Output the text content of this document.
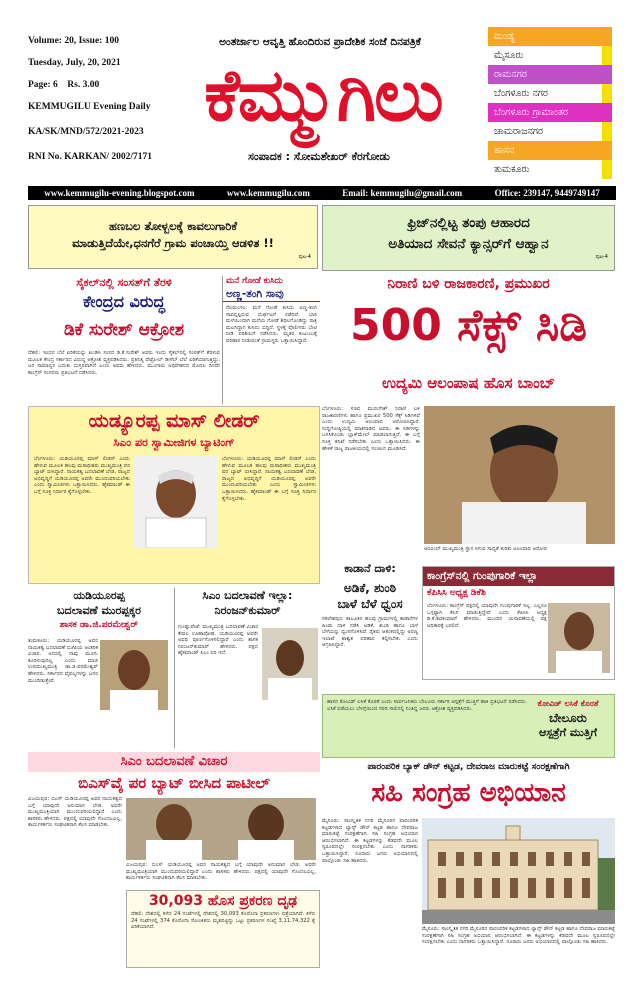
Volume: 20, Issue: 100
Tuesday, July, 20, 2021
Page: 6    Rs. 3.00
KEMMUGILU Evening Daily
KA/SK/MND/572/2021-2023
RNI No. KARKAN/ 2002/7171
ಅಂತರ್ಜಾಲ ಆವೃತ್ತಿ ಹೊಂದಿರುವ ಪ್ರಾದೇಶಿಕ ಸಂಜೆ ದಿನಪತ್ರಿಕೆ
ಕೆಮ್ಮುಗಿಲು
ಸಂಪಾದಕ : ಸೋಮಶೇಖರ್ ಕೆರಗೋಡು
ಮಂಡ್ಯ
ಮೈಸೂರು
ರಾಮನಗರ
ಬೆಂಗಳೂರು ನಗರ
ಬೆಂಗಳೂರು ಗ್ರಾಮಾಂತರ
ಚಾಮರಾಜನಗರ
ಹಾಸನ
ತುಮಕೂರು
www.kemmugilu-evening.blogspot.com	www.kemmugilu.com	Email: kemmugilu@gmail.com	Office: 239147, 9449749147
ಹಣಬಲ ತೋಳ್ಬಲಕ್ಕೆ ಕಾವಲುಗಾರಿಕೆ
ಮಾಡುತ್ತಿದೆಯೇ,ಧನಗೆರೆ ಗ್ರಾಮ ಪಂಚಾಯ್ತಿ ಆಡಳಿತ !!
ಪುಟ-4
ಫ್ರಿಜ್‌ನಲ್ಲಿಟ್ಟ ತಂಪು ಆಹಾರದ
ಅತಿಯಾದ ಸೇವನೆ ಕ್ಯಾನ್ಸರ್‌ಗೆ ಆಹ್ವಾನ
ಪುಟ-4
ಸೈಕಲ್‌ನಲ್ಲಿ ಸಂಸತ್‌ಗೆ ತೆರಳಿ
ಕೇಂದ್ರದ ವಿರುದ್ಧ
ಡಿಕೆ ಸುರೇಶ್ ಆಕ್ರೋಶ
ದೆಹಲಿ: ಇಂಧನ ಬೆಲೆ ಏರಿಕೆಯನ್ನು ಖಂಡಿಸಿ ಸಂಸದ ಡಿ.ಕೆ.ಸುರೇಶ್ ಅವರು ಇಂದು ಸೈಕಲ್‌ನಲ್ಲಿ ಸಂಸತ್‌ಗೆ ತೆರಳುವ ಮೂಲಕ ಕೇಂದ್ರ ಸರ್ಕಾರದ ವಿರುದ್ಧ ಆಕ್ರೋಶ ವ್ಯಕ್ತಪಡಿಸಿದರು. ಪ್ರತಿನಿತ್ಯ ಪೆಟ್ರೋಲ್ ಡೀಸೆಲ್ ಬೆಲೆ ಏರಿಕೆಯಾಗುತ್ತಿದ್ದು, ಜನ ಸಾಮಾನ್ಯರ ಬದುಕು ದುಸ್ತರವಾಗಿದೆ ಎಂದು ಅವರು ಹೇಳಿದರು. ಮುಂಗಾರು ಅಧಿವೇಶನದ ಮೊದಲ ದಿನವೇ ಕಾಂಗ್ರೆಸ್ ಸಂಸದರು ಪ್ರತಿಭಟನೆ ನಡೆಸಿದರು.
ಮನೆ ಗೋಡೆ ಕುಸಿದು
ಅಣ್ಣ-ತಂಗಿ ಸಾವು
ನೆಲಮಂಗಲ: ಮನೆ ಗೋಡೆ ಕುಸಿದು ಅಣ್ಣ-ತಂಗಿ ಸಾವನ್ನಪ್ಪಿರುವ ದುರ್ಘಟನೆ ನಡೆದಿದೆ. ಭಾರಿ ಮಳೆಯಿಂದಾಗಿ ಮನೆಯ ಗೋಡೆ ಶಿಥಿಲಗೊಂಡಿದ್ದು ರಾತ್ರಿ ಮಲಗಿದ್ದಾಗ ಕುಸಿದು ಬಿದ್ದಿದೆ. ಸ್ಥಳಕ್ಕೆ ಪೊಲೀಸರು ಭೇಟಿ ನೀಡಿ ಪರಿಶೀಲನೆ ನಡೆಸಿದರು. ಮೃತರ ಕುಟುಂಬಕ್ಕೆ ಪರಿಹಾರ ನೀಡುವಂತೆ ಗ್ರಾಮಸ್ಥರು ಒತ್ತಾಯಿಸಿದ್ದಾರೆ.
ನಿರಾಣಿ ಬಳಿ ರಾಜಕಾರಣಿ, ಪ್ರಮುಖರ
500 ಸೆಕ್ಸ್ ಸಿಡಿ
ಉದ್ಯಮಿ ಆಲಂಪಾಷ ಹೊಸ ಬಾಂಬ್
ಬೆಂಗಳೂರು: ಸಚಿವ ಮುರುಗೇಶ್ ನಿರಾಣಿ ಬಳಿ ರಾಜಕಾರಣಿಗಳು ಹಾಗೂ ಪ್ರಮುಖರ 500 ಸೆಕ್ಸ್ ಸಿಡಿಗಳಿವೆ ಎಂದು ಉದ್ಯಮಿ ಆಲಂಪಾಷ ಆರೋಪಿಸಿದ್ದಾರೆ. ಸುದ್ದಿಗೋಷ್ಠಿಯಲ್ಲಿ ಮಾತನಾಡಿದ ಅವರು, ಈ ಸಿಡಿಗಳನ್ನು ಬಳಸಿಕೊಂಡು ಬ್ಲಾಕ್‌ಮೇಲ್ ಮಾಡಲಾಗುತ್ತಿದೆ. ಈ ಬಗ್ಗೆ ಸೂಕ್ತ ತನಿಖೆ ನಡೆಸಬೇಕು ಎಂದು ಒತ್ತಾಯಿಸಿದರು. ಈ ಹೇಳಿಕೆ ರಾಜ್ಯ ರಾಜಕೀಯದಲ್ಲಿ ಸಂಚಲನ ಮೂಡಿಸಿದೆ.
ಅರವಿಂದ್ ಮುಖ್ಯಮಂತ್ರಿ ಸ್ಥಾನ ಸಿಗುವ ಸಾಧ್ಯತೆ ಕುರಿತು ಅಲಂಪಾಷ ಆರೋಪ
ಯಡ್ಯೂರಪ್ಪ ಮಾಸ್ ಲೀಡರ್
ಸಿಎಂ ಪರ ಸ್ವಾಮೀಜಿಗಳ ಬ್ಯಾಟಿಂಗ್
ಬೆಂಗಳೂರು: ಯಡಿಯೂರಪ್ಪ ಮಾಸ್ ಲೀಡರ್ ಎಂದು ಹೇಳುವ ಮೂಲಕ ಹಲವು ಮಠಾಧೀಶರು ಮುಖ್ಯಮಂತ್ರಿ ಪರ ಬ್ಯಾಟ್ ಬೀಸಿದ್ದಾರೆ. ನಾಯಕತ್ವ ಬದಲಾವಣೆ ಬೇಡ, ರಾಜ್ಯದ ಅಭಿವೃದ್ಧಿಗೆ ಯಡಿಯೂರಪ್ಪ ಅವರೇ ಮುಂದುವರಿಯಬೇಕು ಎಂದು ಸ್ವಾಮೀಜಿಗಳು ಒತ್ತಾಯಿಸಿದರು. ಹೈಕಮಾಂಡ್ ಈ ಬಗ್ಗೆ ಸೂಕ್ತ ನಿರ್ಧಾರ ಕೈಗೊಳ್ಳಬೇಕು.
ಬೆಂಗಳೂರು: ಯಡಿಯೂರಪ್ಪ ಮಾಸ್ ಲೀಡರ್ ಎಂದು ಹೇಳುವ ಮೂಲಕ ಹಲವು ಮಠಾಧೀಶರು ಮುಖ್ಯಮಂತ್ರಿ ಪರ ಬ್ಯಾಟ್ ಬೀಸಿದ್ದಾರೆ. ನಾಯಕತ್ವ ಬದಲಾವಣೆ ಬೇಡ, ರಾಜ್ಯದ ಅಭಿವೃದ್ಧಿಗೆ ಯಡಿಯೂರಪ್ಪ ಅವರೇ ಮುಂದುವರಿಯಬೇಕು ಎಂದು ಸ್ವಾಮೀಜಿಗಳು ಒತ್ತಾಯಿಸಿದರು. ಹೈಕಮಾಂಡ್ ಈ ಬಗ್ಗೆ ಸೂಕ್ತ ನಿರ್ಧಾರ ಕೈಗೊಳ್ಳಬೇಕು.
ಯಡಿಯೂರಪ್ಪ
ಬದಲಾವಣೆ ಮುರಪ್ಪಕ್ಕರ
ಶಾಸಕ ಡಾ.ಜಿ.ಪರಮೇಶ್ವರ್
ತುಮಕೂರು: ಯಡಿಯೂರಪ್ಪ ಅವರ ನಾಯಕತ್ವ ಬದಲಾವಣೆ ಬಿಜೆಪಿಯ ಆಂತರಿಕ ವಿಚಾರ. ಅದರಲ್ಲಿ ನಾವು ಮೂಗು ತೂರಿಸುವುದಿಲ್ಲ ಎಂದು ಮಾಜಿ ಉಪಮುಖ್ಯಮಂತ್ರಿ ಡಾ.ಜಿ.ಪರಮೇಶ್ವರ್ ಹೇಳಿದರು. ಸರ್ಕಾರದ ವೈಫಲ್ಯಗಳನ್ನು ಜನರ ಮುಂದಿಡುತ್ತೇವೆ.
ಸಿಎಂ ಬದಲಾವಣೆ ಇಲ್ಲಾ:
ನಿರಂಜನ್‌ಕುಮಾರ್
ಗುಂಡ್ಲುಪೇಟೆ: ಮುಖ್ಯಮಂತ್ರಿ ಬದಲಾವಣೆ ವಿಚಾರ ಕೇವಲ ಊಹಾಪೋಹ. ಯಡಿಯೂರಪ್ಪ ಅವರೇ ಅವಧಿ ಪೂರ್ಣಗೊಳಿಸಲಿದ್ದಾರೆ ಎಂದು ಶಾಸಕ ನಿರಂಜನ್‌ಕುಮಾರ್ ಹೇಳಿದರು. ಪಕ್ಷದ ಹೈಕಮಾಂಡ್ ಸಿಎಂ ಪರ ಇದೆ.
ಕಾಡಾನೆ ದಾಳಿ:
ಅಡಿಕೆ, ಶುಂಠಿ
ಬಾಳೆ ಬೆಳೆ ಧ್ವಂಸ
ಸಕಲೇಶಪುರ: ತಾಲೂಕಿನ ಹಲವು ಗ್ರಾಮಗಳಲ್ಲಿ ಕಾಡಾನೆಗಳ ಹಿಂಡು ದಾಳಿ ನಡೆಸಿ ಅಡಿಕೆ, ಶುಂಠಿ ಹಾಗೂ ಬಾಳೆ ಬೆಳೆಯನ್ನು ಧ್ವಂಸಗೊಳಿಸಿವೆ. ರೈತರು ಆತಂಕದಲ್ಲಿದ್ದು ಅರಣ್ಯ ಇಲಾಖೆ ಶಾಶ್ವತ ಪರಿಹಾರ ಕಲ್ಪಿಸಬೇಕು ಎಂದು ಆಗ್ರಹಿಸಿದ್ದಾರೆ.
ಕಾಂಗ್ರೆಸ್‌ನಲ್ಲಿ ಗುಂಪುಗಾರಿಕೆ ಇಲ್ಲಾ
ಕೆಪಿಸಿಸಿ ಅಧ್ಯಕ್ಷ ಡಿಕೆಶಿ
ಬೆಂಗಳೂರು: ಕಾಂಗ್ರೆಸ್ ಪಕ್ಷದಲ್ಲಿ ಯಾವುದೇ ಗುಂಪುಗಾರಿಕೆ ಇಲ್ಲ. ಎಲ್ಲರೂ ಒಗ್ಗಟ್ಟಾಗಿ ಕೆಲಸ ಮಾಡುತ್ತಿದ್ದೇವೆ ಎಂದು ಕೆಪಿಸಿಸಿ ಅಧ್ಯಕ್ಷ ಡಿ.ಕೆ.ಶಿವಕುಮಾರ್ ಹೇಳಿದರು. ಮುಂದಿನ ಚುನಾವಣೆಯಲ್ಲಿ ಪಕ್ಷ ಅಧಿಕಾರಕ್ಕೆ ಬರಲಿದೆ.
ಹಾಸನ ಕೋವಿಡ್ ಲಸಿಕೆ ಕೊರತೆ ಎಂದು ಸಾರ್ವಜನಿಕರು ಬೇಲೂರು ಸರ್ಕಾರಿ ಆಸ್ಪತ್ರೆಗೆ ಮುತ್ತಿಗೆ ಹಾಕಿ ಪ್ರತಿಭಟನೆ ನಡೆಸಿದರು. ಲಸಿಕೆ ಪಡೆಯಲು ಬೆಳಗ್ಗೆಯಿಂದ ಸರದಿ ಸಾಲಿನಲ್ಲಿ ನಿಂತಿದ್ದ ಜನರು ಆಕ್ರೋಶ ವ್ಯಕ್ತಪಡಿಸಿದರು.
ಕೋವಿಡ್ ಲಸಿಕೆ ಕೊರತೆ
ಬೇಲೂರು
ಆಸ್ಪತ್ರೆಗೆ ಮುತ್ತಿಗೆ
ಸಿಎಂ ಬದಲಾವಣೆ ವಿಚಾರ
ಬಿಎಸ್‌ವೈ ಪರ ಬ್ಯಾಟ್ ಬೀಸಿದ ಪಾಟೀಲ್
ವಿಜಯಪುರ: ಬಿಎಸ್ ಯಡಿಯೂರಪ್ಪ ಅವರ ನಾಯಕತ್ವದ ಬಗ್ಗೆ ಯಾವುದೇ ಅನುಮಾನ ಬೇಡ. ಅವರೇ ಮುಖ್ಯಮಂತ್ರಿಯಾಗಿ ಮುಂದುವರಿಯಲಿದ್ದಾರೆ ಎಂದು ಶಾಸಕರು ಹೇಳಿದರು. ಪಕ್ಷದಲ್ಲಿ ಯಾವುದೇ ಗೊಂದಲವಿಲ್ಲ, ಕಾರ್ಯಕರ್ತರು ಸಂಘಟಿತರಾಗಿ ಕೆಲಸ ಮಾಡಬೇಕು.
ವಿಜಯಪುರ: ಬಿಎಸ್ ಯಡಿಯೂರಪ್ಪ ಅವರ ನಾಯಕತ್ವದ ಬಗ್ಗೆ ಯಾವುದೇ ಅನುಮಾನ ಬೇಡ. ಅವರೇ ಮುಖ್ಯಮಂತ್ರಿಯಾಗಿ ಮುಂದುವರಿಯಲಿದ್ದಾರೆ ಎಂದು ಶಾಸಕರು ಹೇಳಿದರು. ಪಕ್ಷದಲ್ಲಿ ಯಾವುದೇ ಗೊಂದಲವಿಲ್ಲ, ಕಾರ್ಯಕರ್ತರು ಸಂಘಟಿತರಾಗಿ ಕೆಲಸ ಮಾಡಬೇಕು.
30,093 ಹೊಸ ಪ್ರಕರಣ ದೃಢ
ದೆಹಲಿ: ದೇಶದಲ್ಲಿ ಕಳೆದ 24 ಗಂಟೆಗಳಲ್ಲಿ ದೇಶದಲ್ಲಿ 30,093 ಕೊರೊನಾ ಪ್ರಕರಣಗಳು ಪತ್ತೆಯಾಗಿವೆ. ಕಳೆದ 24 ಗಂಟೆಗಳಲ್ಲಿ 374 ಕೊರೊನಾ ಸೋಂಕಿತರು ಮೃತಪಟ್ಟಿದ್ದು ಒಟ್ಟು ಪ್ರಕರಣಗಳ ಸಂಖ್ಯೆ 3,11,74,322 ಕ್ಕೆ ಏರಿಕೆಯಾಗಿದೆ.
ಪಾರಂಪರಿಕ ಬ್ಯಾಕ್ ಡೌನ್ ಕಟ್ಟಡ, ದೇವರಾಜ ಮಾರುಕಟ್ಟೆ ಸಂರಕ್ಷಣೆಗಾಗಿ
ಸಹಿ ಸಂಗ್ರಹ ಅಭಿಯಾನ
ಮೈಸೂರು: ಸಾಂಸ್ಕೃತಿಕ ನಗರಿ ಮೈಸೂರಿನ ಪಾರಂಪರಿಕ ಕಟ್ಟಡಗಳಾದ ಲ್ಯಾನ್ಸ್ ಡೌನ್ ಕಟ್ಟಡ ಹಾಗೂ ದೇವರಾಜ ಮಾರುಕಟ್ಟೆ ಸಂರಕ್ಷಣೆಗಾಗಿ ಸಹಿ ಸಂಗ್ರಹ ಅಭಿಯಾನ ಆರಂಭಿಸಲಾಗಿದೆ. ಈ ಕಟ್ಟಡಗಳನ್ನು ಕೆಡವದೇ ಮೂಲ ಸ್ವರೂಪದಲ್ಲೇ ಸಂರಕ್ಷಿಸಬೇಕು ಎಂದು ನಾಗರಿಕರು ಒತ್ತಾಯಿಸಿದ್ದಾರೆ. ನೂರಾರು ಜನರು ಅಭಿಯಾನದಲ್ಲಿ ಪಾಲ್ಗೊಂಡು ಸಹಿ ಹಾಕಿದರು.
ಮೈಸೂರು: ಸಾಂಸ್ಕೃತಿಕ ನಗರಿ ಮೈಸೂರಿನ ಪಾರಂಪರಿಕ ಕಟ್ಟಡಗಳಾದ ಲ್ಯಾನ್ಸ್ ಡೌನ್ ಕಟ್ಟಡ ಹಾಗೂ ದೇವರಾಜ ಮಾರುಕಟ್ಟೆ ಸಂರಕ್ಷಣೆಗಾಗಿ ಸಹಿ ಸಂಗ್ರಹ ಅಭಿಯಾನ ಆರಂಭಿಸಲಾಗಿದೆ. ಈ ಕಟ್ಟಡಗಳನ್ನು ಕೆಡವದೇ ಮೂಲ ಸ್ವರೂಪದಲ್ಲೇ ಸಂರಕ್ಷಿಸಬೇಕು ಎಂದು ನಾಗರಿಕರು ಒತ್ತಾಯಿಸಿದ್ದಾರೆ. ನೂರಾರು ಜನರು ಅಭಿಯಾನದಲ್ಲಿ ಪಾಲ್ಗೊಂಡು ಸಹಿ ಹಾಕಿದರು.
